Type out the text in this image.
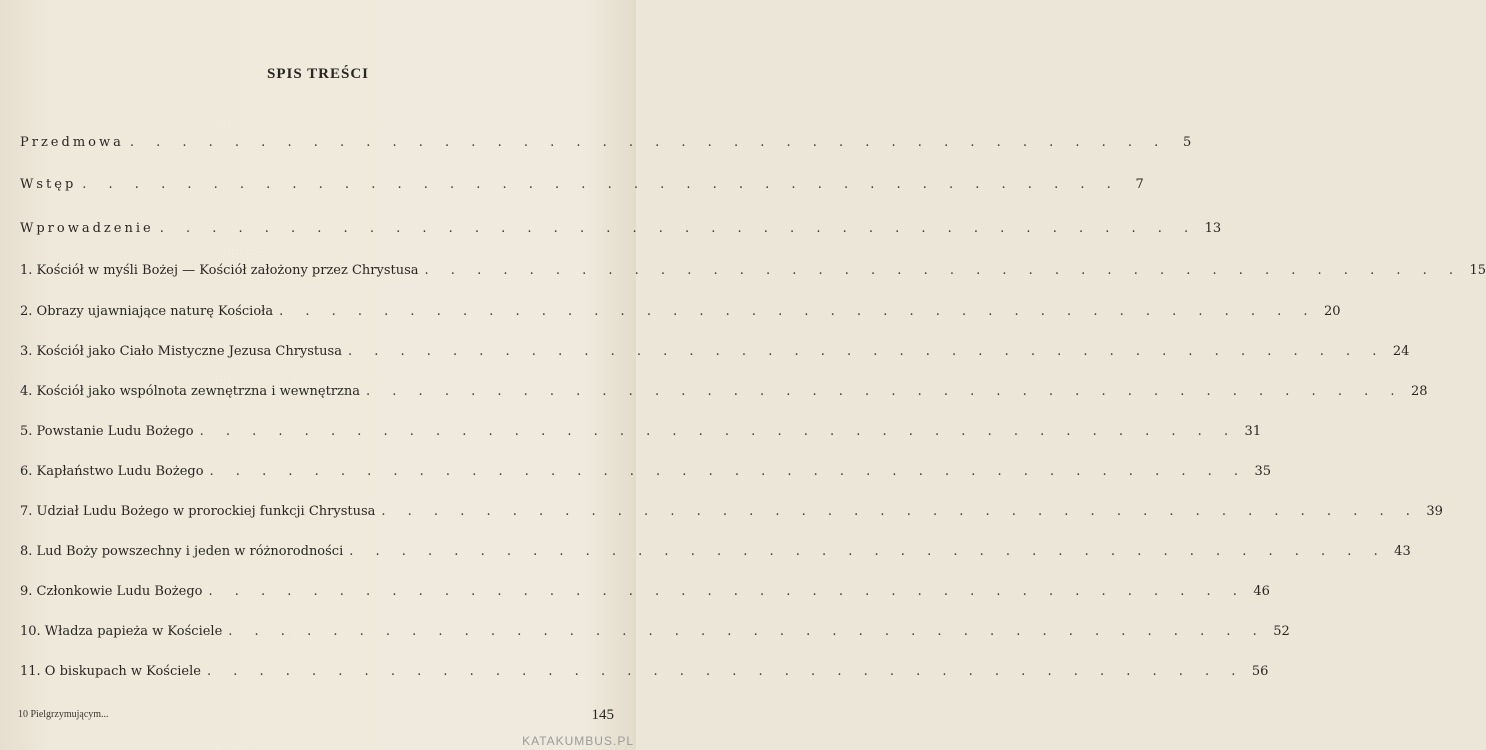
SPIS TREŚCI
Przedmowa . . . . . . . . . . . . . . . . . . . . . . . . . . . . . . . . . . . . . . . .	5
Wstęp . . . . . . . . . . . . . . . . . . . . . . . . . . . . . . . . . . . . . . . .	7
Wprowadzenie . . . . . . . . . . . . . . . . . . . . . . . . . . . . . . . . . . . . . . . . 13
1. Kościół w myśli Bożej — Kościół założony przez Chrystusa . . . . . . . . . . . . . . . . . . . . . . . . . . . . . . . . . . . . . . . . 15
2. Obrazy ujawniające naturę Kościoła . . . . . . . . . . . . . . . . . . . . . . . . . . . . . . . . . . . . . . . . 20
3. Kościół jako Ciało Mistyczne Jezusa Chrystusa . . . . . . . . . . . . . . . . . . . . . . . . . . . . . . . . . . . . . . . . 24
4. Kościół jako wspólnota zewnętrzna i wewnętrzna . . . . . . . . . . . . . . . . . . . . . . . . . . . . . . . . . . . . . . . . 28
5. Powstanie Ludu Bożego . . . . . . . . . . . . . . . . . . . . . . . . . . . . . . . . . . . . . . . . 31
6. Kapłaństwo Ludu Bożego . . . . . . . . . . . . . . . . . . . . . . . . . . . . . . . . . . . . . . . . 35
7. Udział Ludu Bożego w prorockiej funkcji Chrystusa . . . . . . . . . . . . . . . . . . . . . . . . . . . . . . . . . . . . . . . . 39
8. Lud Boży powszechny i jeden w różnorodności . . . . . . . . . . . . . . . . . . . . . . . . . . . . . . . . . . . . . . . . 43
9. Członkowie Ludu Bożego . . . . . . . . . . . . . . . . . . . . . . . . . . . . . . . . . . . . . . . . 46
10. Władza papieża w Kościele . . . . . . . . . . . . . . . . . . . . . . . . . . . . . . . . . . . . . . . . 52
11. O biskupach w Kościele . . . . . . . . . . . . . . . . . . . . . . . . . . . . . . . . . . . . . . . . 56
10 Pielgrzymującym...	145
KATAKUMBUS.PL
